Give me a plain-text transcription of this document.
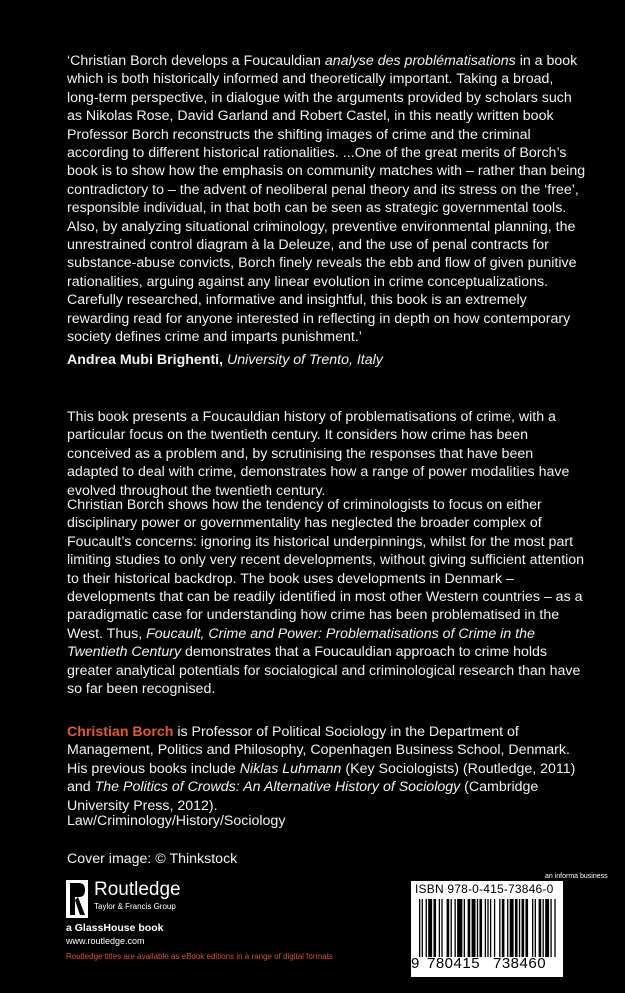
‘Christian Borch develops a Foucauldian analyse des problématisations in a book which is both historically informed and theoretically important. Taking a broad, long-term perspective, in dialogue with the arguments provided by scholars such as Nikolas Rose, David Garland and Robert Castel, in this neatly written book Professor Borch reconstructs the shifting images of crime and the criminal according to different historical rationalities. ...One of the great merits of Borch’s book is to show how the emphasis on community matches with – rather than being contradictory to – the advent of neoliberal penal theory and its stress on the ‘free’, responsible individual, in that both can be seen as strategic governmental tools. Also, by analyzing situational criminology, preventive environmental planning, the unrestrained control diagram à la Deleuze, and the use of penal contracts for substance-abuse convicts, Borch finely reveals the ebb and flow of given punitive rationalities, arguing against any linear evolution in crime conceptualizations. Carefully researched, informative and insightful, this book is an extremely rewarding read for anyone interested in reflecting in depth on how contemporary society defines crime and imparts punishment.’

Andrea Mubi Brighenti, University of Trento, Italy

This book presents a Foucauldian history of problematisations of crime, with a particular focus on the twentieth century. It considers how crime has been conceived as a problem and, by scrutinising the responses that have been adapted to deal with crime, demonstrates how a range of power modalities have evolved throughout the twentieth century.

Christian Borch shows how the tendency of criminologists to focus on either disciplinary power or governmentality has neglected the broader complex of Foucault’s concerns: ignoring its historical underpinnings, whilst for the most part limiting studies to only very recent developments, without giving sufficient attention to their historical backdrop. The book uses developments in Denmark – developments that can be readily identified in most other Western countries – as a paradigmatic case for understanding how crime has been problematised in the West. Thus, Foucault, Crime and Power: Problematisations of Crime in the Twentieth Century demonstrates that a Foucauldian approach to crime holds greater analytical potentials for socialogical and criminological research than have so far been recognised.

Christian Borch is Professor of Political Sociology in the Department of Management, Politics and Philosophy, Copenhagen Business School, Denmark. His previous books include Niklas Luhmann (Key Sociologists) (Routledge, 2011) and The Politics of Crowds: An Alternative History of Sociology (Cambridge University Press, 2012).

Law/Criminology/History/Sociology

Cover image: © Thinkstock

Routledge
Taylor & Francis Group
a GlassHouse book
www.routledge.com
Routledge titles are available as eBook editions in a range of digital formats
an informa business
ISBN 978-0-415-73846-0
9 780415 738460
